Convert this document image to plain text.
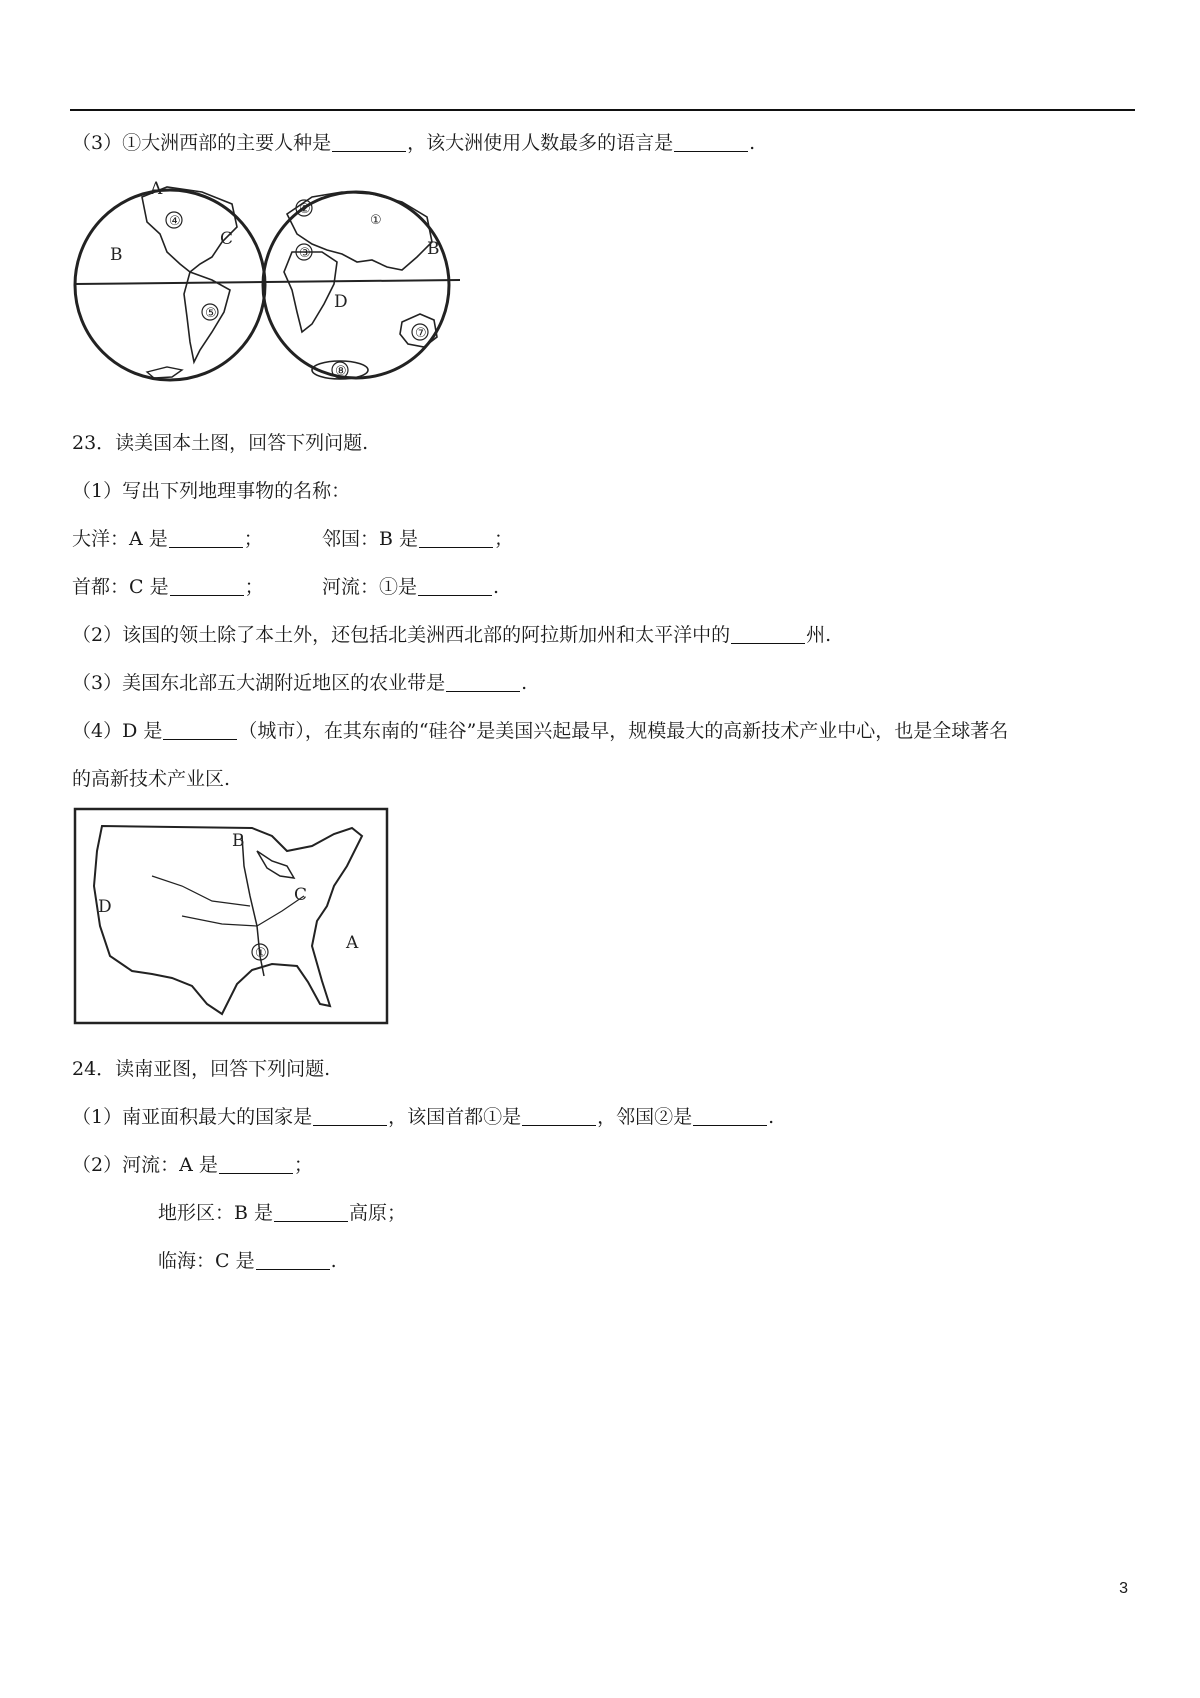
（3）①大洲西部的主要人种是	，该大洲使用人数最多的语言是	.
A
B
C	B
D
④
⑤
①
②
③
⑦
⑧
23．读美国本土图，回答下列问题.
（1）写出下列地理事物的名称：
大洋：A 是	；	邻国：B 是	；
首都：C 是	；	河流：①是	.
（2）该国的领土除了本土外，还包括北美洲西北部的阿拉斯加州和太平洋中的	州.
（3）美国东北部五大湖附近地区的农业带是	.
（4）D 是	（城市），在其东南的“硅谷”是美国兴起最早，规模最大的高新技术产业中心，也是全球著名
的高新技术产业区.
B
C
D
A
①
24．读南亚图，回答下列问题.
（1）南亚面积最大的国家是	，该国首都①是	，邻国②是	.
（2）河流：A 是	；
地形区：B 是	高原；
临海：C 是	.
3
